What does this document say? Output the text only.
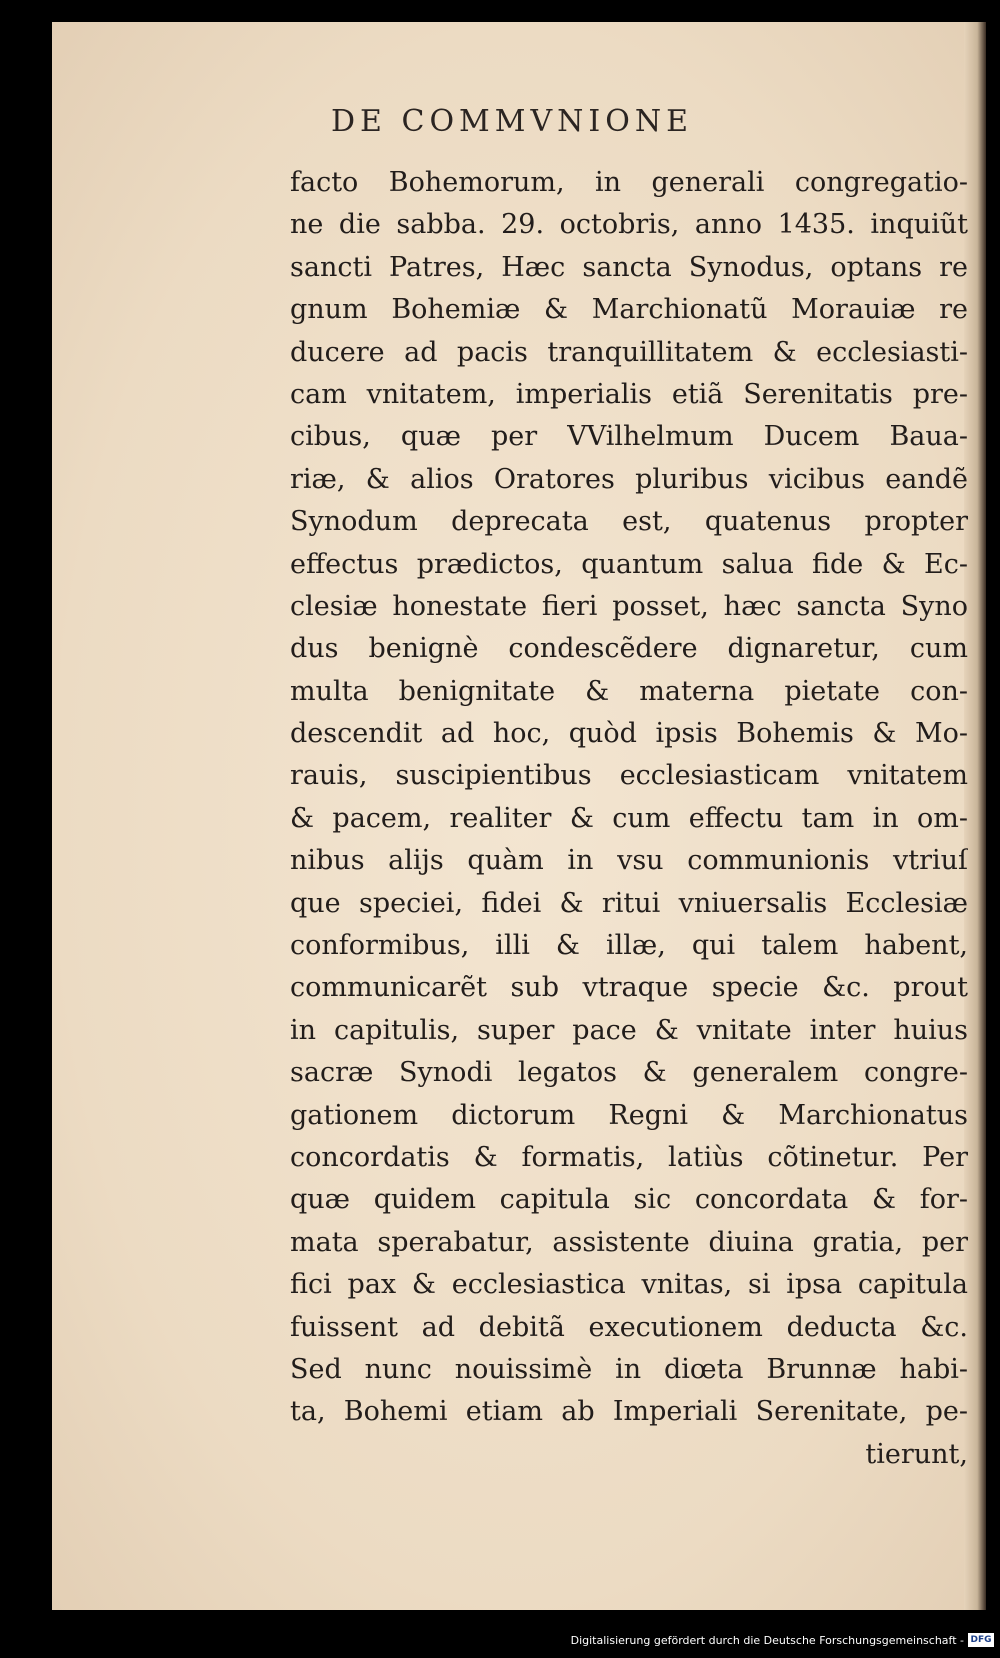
DE COMMVNIONE
facto Bohemorum, in generali congregatio-
ne die sabba. 29. octobris, anno 1435. inquiũt
sancti Patres, Hæc sancta Synodus, optans re
gnum Bohemiæ & Marchionatũ Morauiæ re
ducere ad pacis tranquillitatem & ecclesiasti-
cam vnitatem, imperialis etiã Serenitatis pre-
cibus, quæ per VVilhelmum Ducem Baua-
riæ, & alios Oratores pluribus vicibus eandẽ
Synodum deprecata est, quatenus propter
effectus prædictos, quantum salua fide & Ec-
clesiæ honestate fieri posset, hæc sancta Syno
dus benignè condescẽdere dignaretur, cum
multa benignitate & materna pietate con-
descendit ad hoc, quòd ipsis Bohemis & Mo-
rauis, suscipientibus ecclesiasticam vnitatem
& pacem, realiter & cum effectu tam in om-
nibus alijs quàm in vsu communionis vtriuſ
que speciei, fidei & ritui vniuersalis Ecclesiæ
conformibus, illi & illæ, qui talem habent,
communicarẽt sub vtraque specie &c. prout
in capitulis, super pace & vnitate inter huius
sacræ Synodi legatos & generalem congre-
gationem dictorum Regni & Marchionatus
concordatis & formatis, latiùs cõtinetur. Per
quæ quidem capitula sic concordata & for-
mata sperabatur, assistente diuina gratia, per
fici pax & ecclesiastica vnitas, si ipsa capitula
fuissent ad debitã executionem deducta &c.
Sed nunc nouissimè in diœta Brunnæ habi-
ta, Bohemi etiam ab Imperiali Serenitate, pe-
tierunt,
Digitalisierung gefördert durch die Deutsche Forschungsgemeinschaft - DFG
